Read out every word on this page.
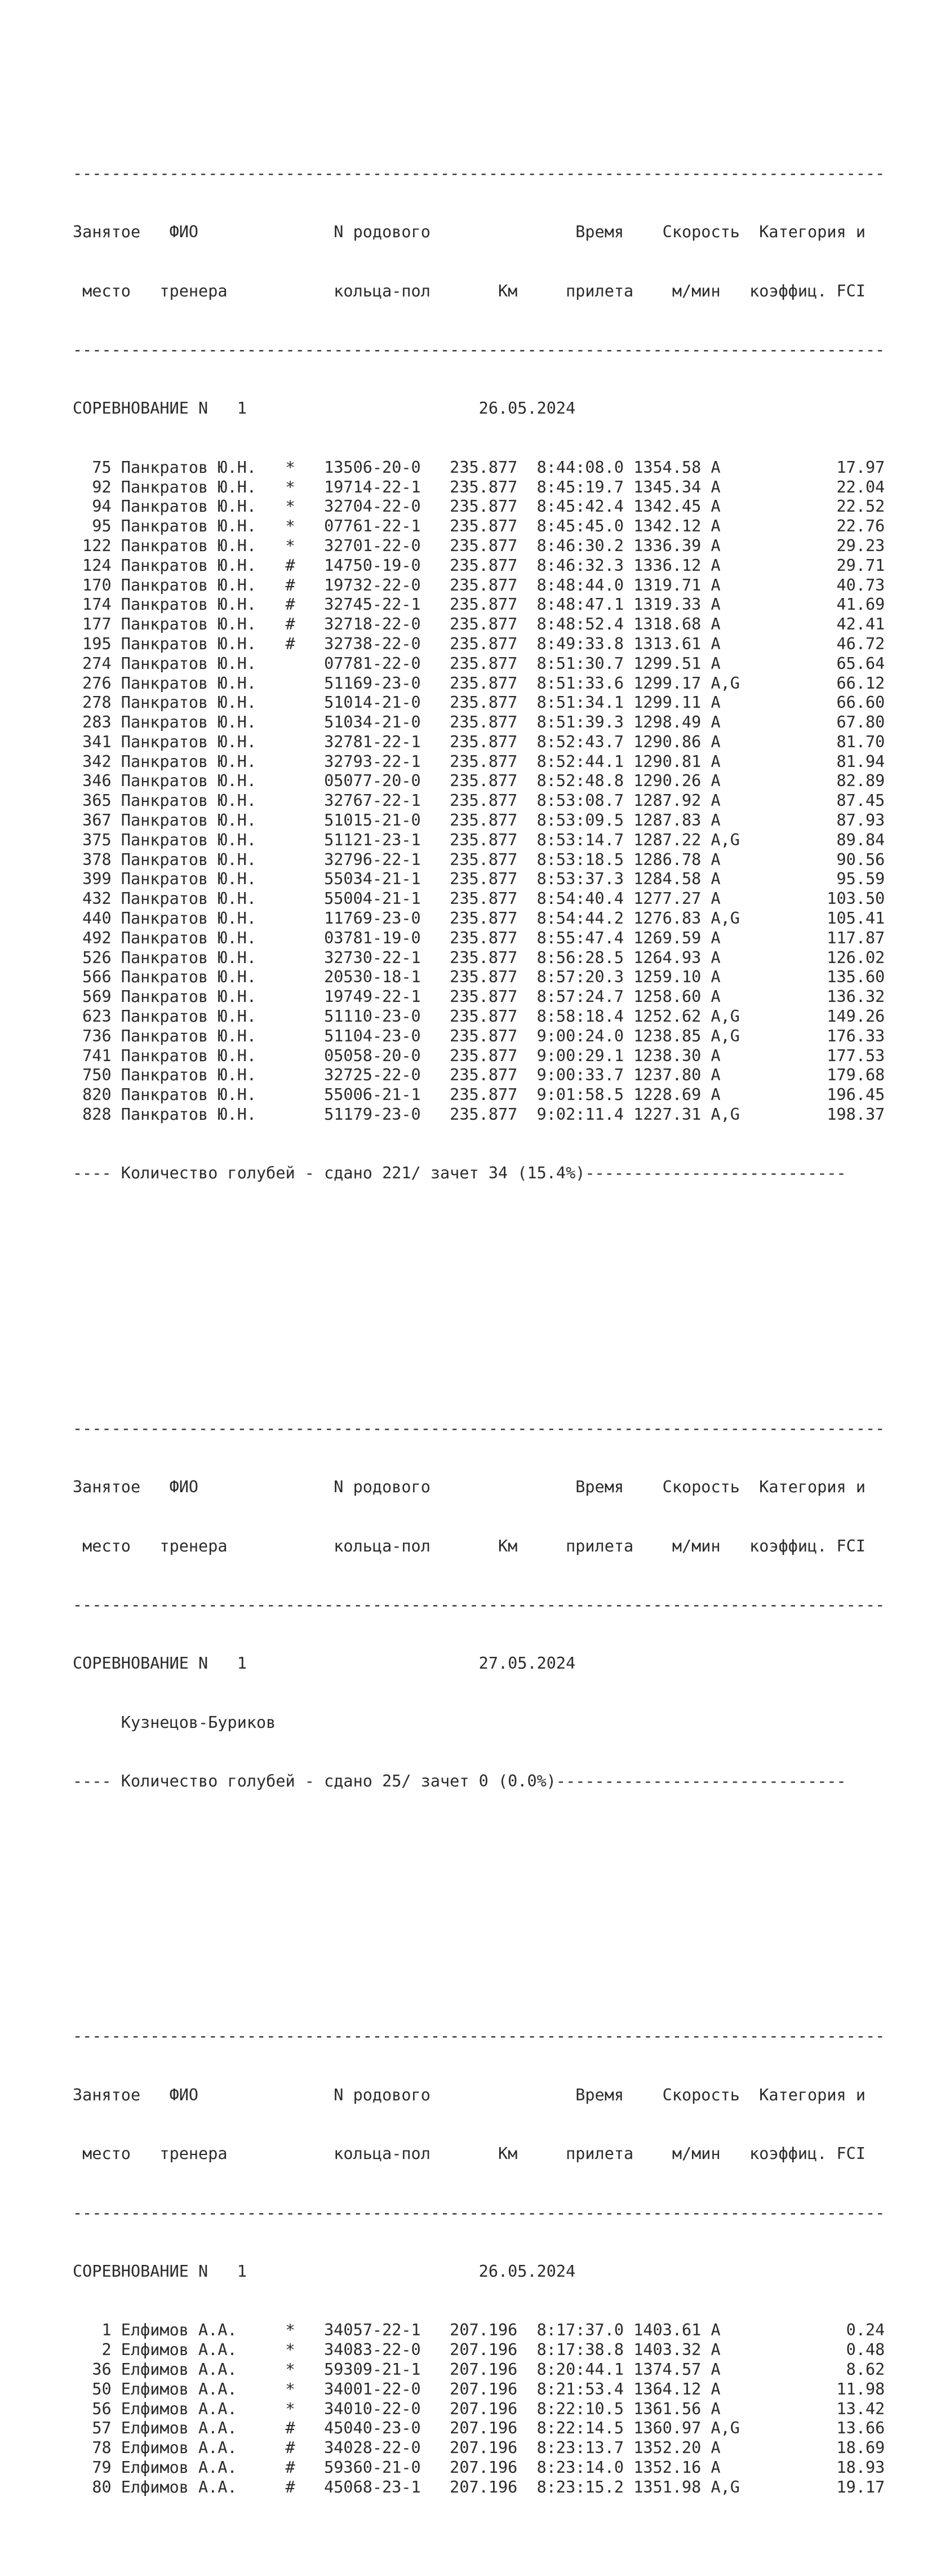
------------------------------------------------------------------------------------

Занятое   ФИО              N родового               Время    Скорость  Категория и

место   тренера           кольца-пол       Км     прилета    м/мин   коэффиц. FCI

------------------------------------------------------------------------------------

СОРЕВНОВАНИЕ N   1                        26.05.2024

75 Панкратов Ю.Н.   *   13506-20-0   235.877  8:44:08.0 1354.58 A            17.97
92 Панкратов Ю.Н.   *   19714-22-1   235.877  8:45:19.7 1345.34 A            22.04
94 Панкратов Ю.Н.   *   32704-22-0   235.877  8:45:42.4 1342.45 A            22.52
95 Панкратов Ю.Н.   *   07761-22-1   235.877  8:45:45.0 1342.12 A            22.76
122 Панкратов Ю.Н.   *   32701-22-0   235.877  8:46:30.2 1336.39 A            29.23
124 Панкратов Ю.Н.   #   14750-19-0   235.877  8:46:32.3 1336.12 A            29.71
170 Панкратов Ю.Н.   #   19732-22-0   235.877  8:48:44.0 1319.71 A            40.73
174 Панкратов Ю.Н.   #   32745-22-1   235.877  8:48:47.1 1319.33 A            41.69
177 Панкратов Ю.Н.   #   32718-22-0   235.877  8:48:52.4 1318.68 A            42.41
195 Панкратов Ю.Н.   #   32738-22-0   235.877  8:49:33.8 1313.61 A            46.72
274 Панкратов Ю.Н.       07781-22-0   235.877  8:51:30.7 1299.51 A            65.64
276 Панкратов Ю.Н.       51169-23-0   235.877  8:51:33.6 1299.17 A,G          66.12
278 Панкратов Ю.Н.       51014-21-0   235.877  8:51:34.1 1299.11 A            66.60
283 Панкратов Ю.Н.       51034-21-0   235.877  8:51:39.3 1298.49 A            67.80
341 Панкратов Ю.Н.       32781-22-1   235.877  8:52:43.7 1290.86 A            81.70
342 Панкратов Ю.Н.       32793-22-1   235.877  8:52:44.1 1290.81 A            81.94
346 Панкратов Ю.Н.       05077-20-0   235.877  8:52:48.8 1290.26 A            82.89
365 Панкратов Ю.Н.       32767-22-1   235.877  8:53:08.7 1287.92 A            87.45
367 Панкратов Ю.Н.       51015-21-0   235.877  8:53:09.5 1287.83 A            87.93
375 Панкратов Ю.Н.       51121-23-1   235.877  8:53:14.7 1287.22 A,G          89.84
378 Панкратов Ю.Н.       32796-22-1   235.877  8:53:18.5 1286.78 A            90.56
399 Панкратов Ю.Н.       55034-21-1   235.877  8:53:37.3 1284.58 A            95.59
432 Панкратов Ю.Н.       55004-21-1   235.877  8:54:40.4 1277.27 A           103.50
440 Панкратов Ю.Н.       11769-23-0   235.877  8:54:44.2 1276.83 A,G         105.41
492 Панкратов Ю.Н.       03781-19-0   235.877  8:55:47.4 1269.59 A           117.87
526 Панкратов Ю.Н.       32730-22-1   235.877  8:56:28.5 1264.93 A           126.02
566 Панкратов Ю.Н.       20530-18-1   235.877  8:57:20.3 1259.10 A           135.60
569 Панкратов Ю.Н.       19749-22-1   235.877  8:57:24.7 1258.60 A           136.32
623 Панкратов Ю.Н.       51110-23-0   235.877  8:58:18.4 1252.62 A,G         149.26
736 Панкратов Ю.Н.       51104-23-0   235.877  9:00:24.0 1238.85 A,G         176.33
741 Панкратов Ю.Н.       05058-20-0   235.877  9:00:29.1 1238.30 A           177.53
750 Панкратов Ю.Н.       32725-22-0   235.877  9:00:33.7 1237.80 A           179.68
820 Панкратов Ю.Н.       55006-21-1   235.877  9:01:58.5 1228.69 A           196.45
828 Панкратов Ю.Н.       51179-23-0   235.877  9:02:11.4 1227.31 A,G         198.37

---- Количество голубей - сдано 221/ зачет 34 (15.4%)---------------------------

------------------------------------------------------------------------------------

Занятое   ФИО              N родового               Время    Скорость  Категория и

место   тренера           кольца-пол       Км     прилета    м/мин   коэффиц. FCI

------------------------------------------------------------------------------------

СОРЕВНОВАНИЕ N   1                        27.05.2024

Кузнецов-Буриков

---- Количество голубей - сдано 25/ зачет 0 (0.0%)------------------------------

------------------------------------------------------------------------------------

Занятое   ФИО              N родового               Время    Скорость  Категория и

место   тренера           кольца-пол       Км     прилета    м/мин   коэффиц. FCI

------------------------------------------------------------------------------------

СОРЕВНОВАНИЕ N   1                        26.05.2024

1 Елфимов А.А.     *   34057-22-1   207.196  8:17:37.0 1403.61 A             0.24
2 Елфимов А.А.     *   34083-22-0   207.196  8:17:38.8 1403.32 A             0.48
36 Елфимов А.А.     *   59309-21-1   207.196  8:20:44.1 1374.57 A             8.62
50 Елфимов А.А.     *   34001-22-0   207.196  8:21:53.4 1364.12 A            11.98
56 Елфимов А.А.     *   34010-22-0   207.196  8:22:10.5 1361.56 A            13.42
57 Елфимов А.А.     #   45040-23-0   207.196  8:22:14.5 1360.97 A,G          13.66
78 Елфимов А.А.     #   34028-22-0   207.196  8:23:13.7 1352.20 A            18.69
79 Елфимов А.А.     #   59360-21-0   207.196  8:23:14.0 1352.16 A            18.93
80 Елфимов А.А.     #   45068-23-1   207.196  8:23:15.2 1351.98 A,G          19.17
